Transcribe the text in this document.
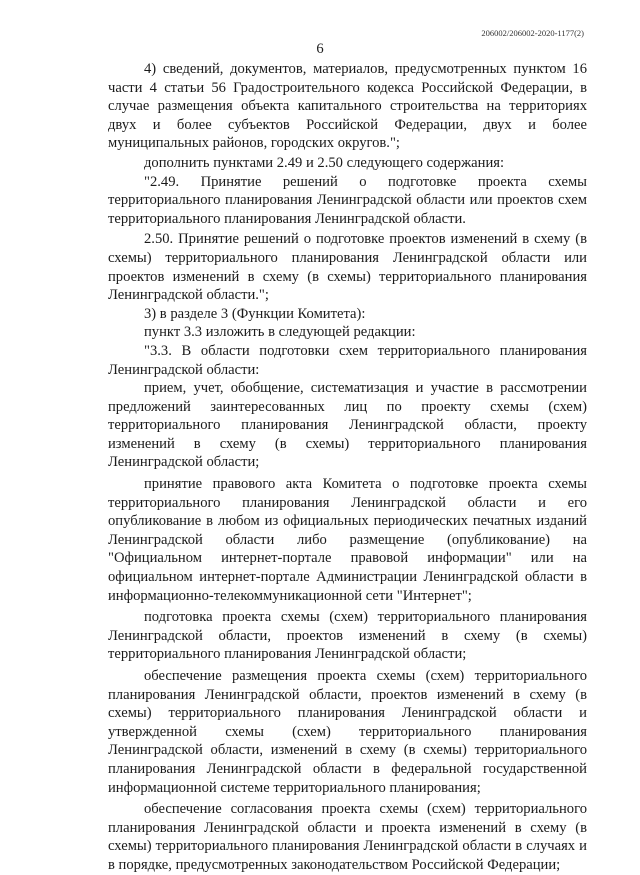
206002/206002-2020-1177(2)
6

4) сведений, документов, материалов, предусмотренных пунктом 16 части 4 статьи 56 Градостроительного кодекса Российской Федерации, в случае размещения объекта капитального строительства на территориях двух и более субъектов Российской Федерации, двух и более муниципальных районов, городских округов.";

дополнить пунктами 2.49 и 2.50 следующего содержания:

"2.49. Принятие решений о подготовке проекта схемы территориального планирования Ленинградской области или проектов схем территориального планирования Ленинградской области.

2.50. Принятие решений о подготовке проектов изменений в схему (в схемы) территориального планирования Ленинградской области или проектов изменений в схему (в схемы) территориального планирования Ленинградской области.";

3) в разделе 3 (Функции Комитета):

пункт 3.3 изложить в следующей редакции:

"3.3. В области подготовки схем территориального планирования Ленинградской области:

прием, учет, обобщение, систематизация и участие в рассмотрении предложений заинтересованных лиц по проекту схемы (схем) территориального планирования Ленинградской области, проекту изменений в схему (в схемы) территориального планирования Ленинградской области;

принятие правового акта Комитета о подготовке проекта схемы территориального планирования Ленинградской области и его опубликование в любом из официальных периодических печатных изданий Ленинградской области либо размещение (опубликование) на "Официальном интернет-портале правовой информации" или на официальном интернет-портале Администрации Ленинградской области в информационно-телекоммуникационной сети "Интернет";

подготовка проекта схемы (схем) территориального планирования Ленинградской области, проектов изменений в схему (в схемы) территориального планирования Ленинградской области;

обеспечение размещения проекта схемы (схем) территориального планирования Ленинградской области, проектов изменений в схему (в схемы) территориального планирования Ленинградской области и утвержденной схемы (схем) территориального планирования Ленинградской области, изменений в схему (в схемы) территориального планирования Ленинградской области в федеральной государственной информационной системе территориального планирования;

обеспечение согласования проекта схемы (схем) территориального планирования Ленинградской области и проекта изменений в схему (в схемы) территориального планирования Ленинградской области в случаях и в порядке, предусмотренных законодательством Российской Федерации;
